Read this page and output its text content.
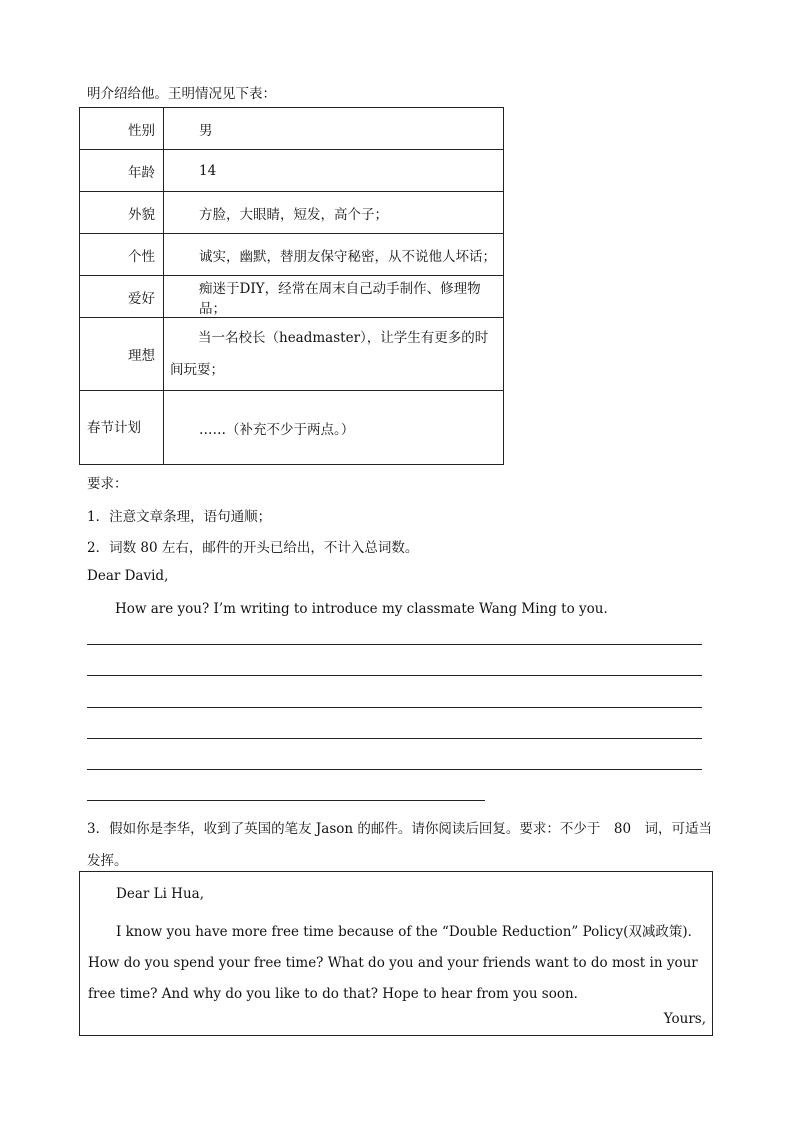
明介绍给他。王明情况见下表：
性别	男
年龄	14
外貌	方脸，大眼睛，短发，高个子；
个性	诚实，幽默，替朋友保守秘密，从不说他人坏话；
爱好	痴迷于DIY，经常在周末自己动手制作、修理物品；
理想	当一名校长（headmaster），让学生有更多的时间玩耍；
春节计划	……（补充不少于两点。）
要求：
1．注意文章条理，语句通顺；
2．词数 80 左右，邮件的开头已给出，不计入总词数。
Dear David,
How are you? I’m writing to introduce my classmate Wang Ming to you．
3．假如你是李华，收到了英国的笔友 Jason 的邮件。请你阅读后回复。要求：不少于　80　词，可适当
发挥。
Dear Li Hua,
I know you have more free time because of the “Double Reduction” Policy(双减政策)．　How do you spend your free time? What do you and your friends want to do most in your free time? And why do you like to do that? Hope to hear from you soon．
Yours,
